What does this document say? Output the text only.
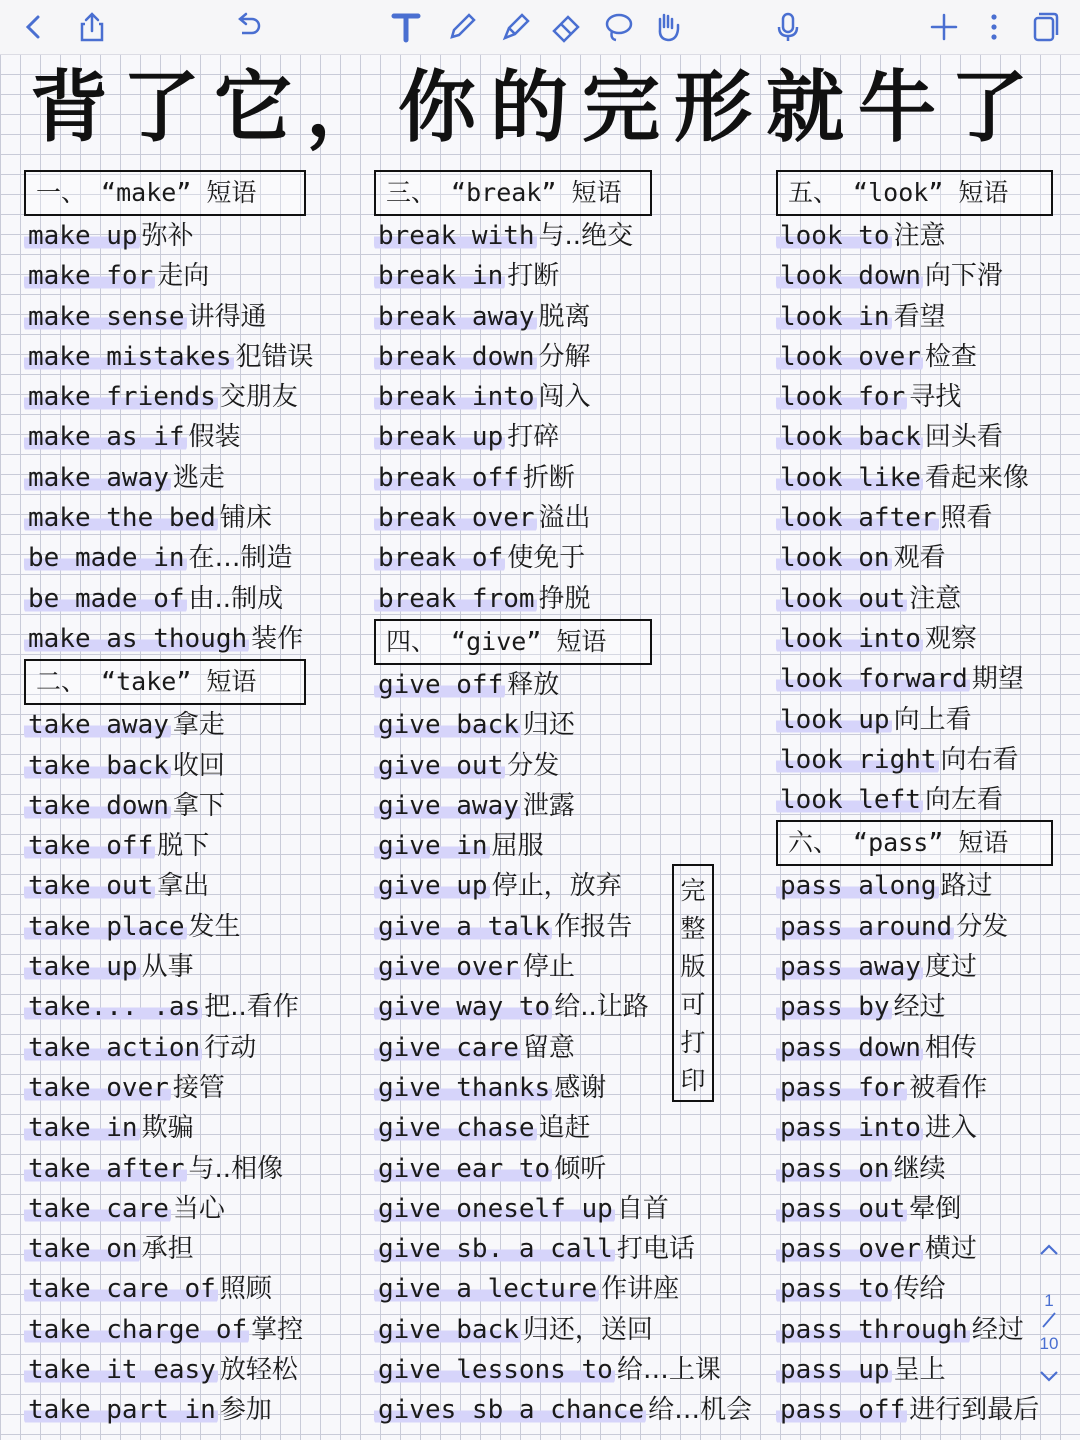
背了它，你的完形就牛了
一、 “make” 短语
make up 弥补
make for 走向
make sense 讲得通
make mistakes 犯错误
make friends 交朋友
make as if 假装
make away 逃走
make the bed 铺床
be made in 在…制造
be made of 由..制成
make as though 装作
二、 “take” 短语
take away 拿走
take back 收回
take down 拿下
take off 脱下
take out 拿出
take place 发生
take up 从事
take... .as 把..看作
take action 行动
take over 接管
take in 欺骗
take after 与..相像
take care 当心
take on 承担
take care of 照顾
take charge of 掌控
take it easy 放轻松
take part in 参加
三、 “break” 短语
break with 与..绝交
break in 打断
break away 脱离
break down 分解
break into 闯入
break up 打碎
break off 折断
break over 溢出
break of 使免于
break from 挣脱
四、 “give” 短语
give off 释放
give back 归还
give out 分发
give away 泄露
give in 屈服
give up 停止，放弃
give a talk 作报告
give over 停止
give way to 给..让路
give care 留意
give thanks 感谢
give chase 追赶
give ear to 倾听
give oneself up 自首
give sb. a call 打电话
give a lecture 作讲座
give back 归还，送回
give lessons to 给…上课
gives sb a chance 给…机会
五、 “look” 短语
look to 注意
look down 向下滑
look in 看望
look over 检查
look for 寻找
look back 回头看
look like 看起来像
look after 照看
look on 观看
look out 注意
look into 观察
look forward 期望
look up 向上看
look right 向右看
look left 向左看
六、 “pass” 短语
pass along 路过
pass around 分发
pass away 度过
pass by 经过
pass down 相传
pass for 被看作
pass into 进入
pass on 继续
pass out 晕倒
pass over 横过
pass to 传给
pass through 经过
pass up 呈上
pass off 进行到最后
完
整
版
可
打
印
1
10
